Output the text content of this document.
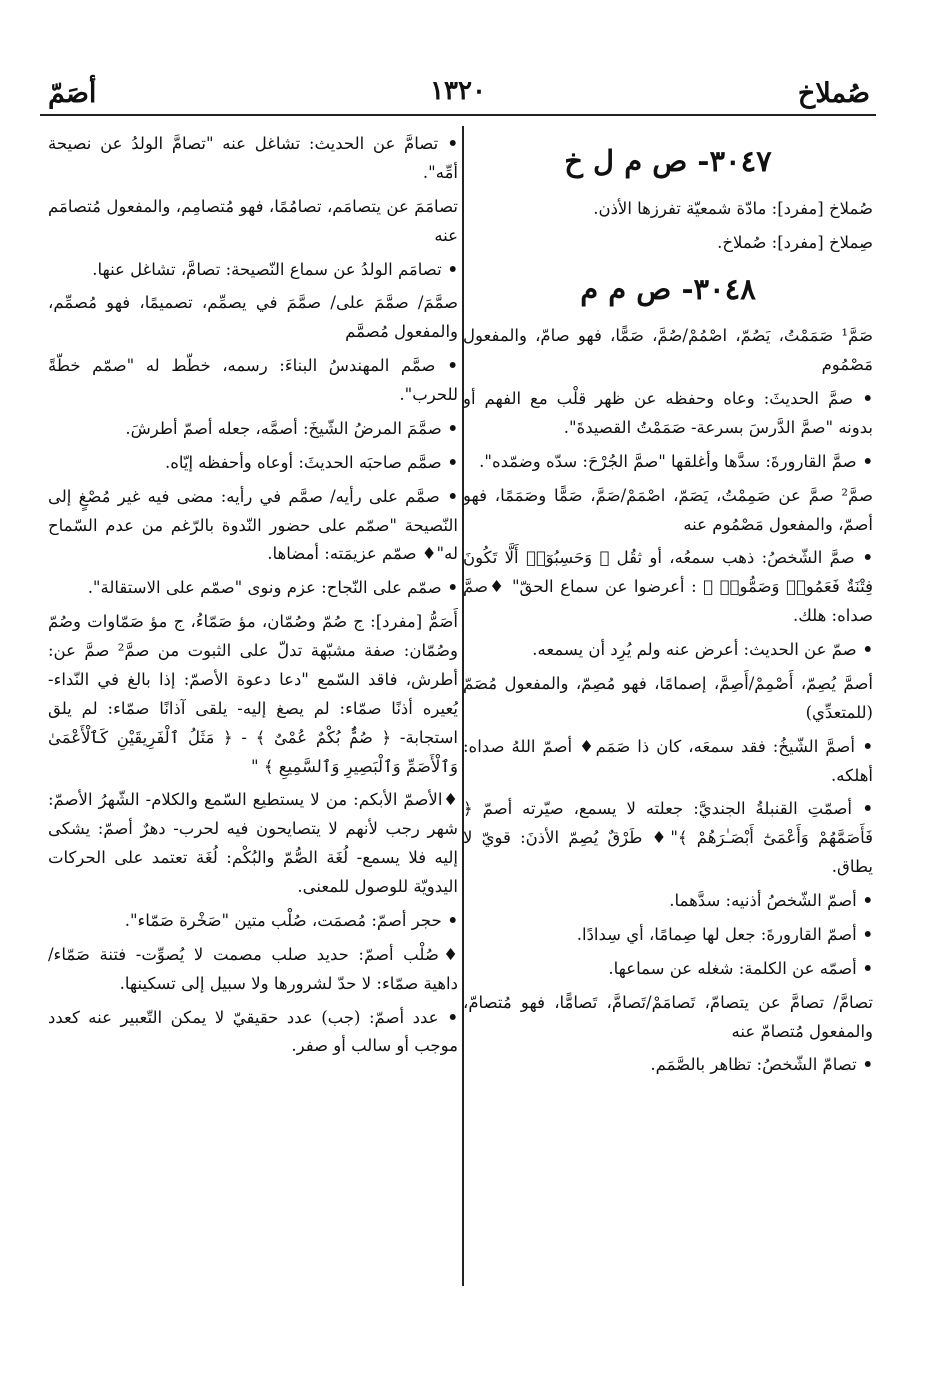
صُملاخ
١٣٢٠
أصَمّ
٣٠٤٧- ص م ل خ
صُملاخ [مفرد]: مادّة شمعيّة تفرزها الأذن.
صِملاخ [مفرد]: صُملاخ.
٣٠٤٨- ص م م
صَمَّ¹ صَمَمْتُ، يَصُمّ، اصْمُمْ/صُمَّ، صَمًّا، فهو صامّ، والمفعول مَصْمُوم
• صمَّ الحديثَ: وعاه وحفظه عن ظهر قلْب مع الفهم أو بدونه "صمَّ الدَّرسَ بسرعة- صَمَمْتُ القصيدةَ".
• صمَّ القارورةَ: سدَّها وأغلقها "صمَّ الجُرْحَ: سدّه وضمّده".
صمَّ² صمَّ عن صَمِمْتُ، يَصَمّ، اصْمَمْ/صَمَّ، صَمًّا وصَمَمًا، فهو أصمّ، والمفعول مَصْمُوم عنه
• صمَّ الشّخصُ: ذهب سمعُه، أو ثقُل ﴿ وَحَسِبُوٓا۟ أَلَّا تَكُونَ فِتْنَةٌ فَعَمُوا۟ وَصَمُّوا۟ ﴾ : أعرضوا عن سماع الحقّ" ♦صمَّ صداه: هلك.
• صمّ عن الحديث: أعرض عنه ولم يُرِد أن يسمعه.
أصمَّ يُصِمّ، أَصْمِمْ/أَصِمَّ، إصمامًا، فهو مُصِمّ، والمفعول مُصَمّ (للمتعدِّي)
• أصمَّ الشّيخُ: فقد سمعَه، كان ذا صَمَم♦ أصمّ اللهُ صداه: أهلكه.
• أصمّتِ القنبلةُ الجنديَّ: جعلته لا يسمع، صيّرته أصمّ ﴿ فَأَصَمَّهُمْ وَأَعْمَىٰٓ أَبْصَـٰرَهُمْ ﴾"♦ طَرْقٌ يُصِمّ الأذنَ: قويّ لا يطاق.
• أصمّ الشّخصُ أذنيه: سدَّهما.
• أصمّ القارورةَ: جعل لها صِمامًا، أي سِدادًا.
• أصمّه عن الكلمة: شغله عن سماعها.
تصامَّ/ تصامَّ عن يتصامّ، تَصامَمْ/تَصامَّ، تَصامًّا، فهو مُتصامّ، والمفعول مُتصامّ عنه
• تصامّ الشّخصُ: تظاهر بالصَّمَم.
• تصامَّ عن الحديث: تشاغل عنه "تصامَّ الولدُ عن نصيحة أمِّه".
تصامَمَ عن يتصامَم، تصامُمًا، فهو مُتصامِم، والمفعول مُتصامَم عنه
• تصامَم الولدُ عن سماع النّصيحة: تصامَّ، تشاغل عنها.
صمَّمَ/ صمَّمَ على/ صمَّمَ في يصمِّم، تصميمًا، فهو مُصمِّم، والمفعول مُصمَّم
• صمَّم المهندسُ البناءَ: رسمه، خطّط له "صمّم خطّةً للحرب".
• صمَّمَ المرضُ الشّيخَ: أصمَّه، جعله أصمّ أطرشَ.
• صمَّم صاحبَه الحديثَ: أوعاه وأحفظه إيّاه.
• صمَّم على رأيه/ صمَّم في رأيه: مضى فيه غير مُصْغٍ إلى النّصيحة "صمّم على حضور النّدوة بالرّغم من عدم السّماح له"♦ صمّم عزيمَته: أمضاها.
• صمّم على النّجاح: عزم ونوى "صمّم على الاستقالة".
أَصَمُّ [مفرد]: ج صُمّ وصُمّان، مؤ صَمّاءُ، ج مؤ صَمّاوات وصُمّ وصُمّان: صفة مشبّهة تدلّ على الثبوت من صمَّ² صمَّ عن: أطرش، فاقد السّمع "دعا دعوة الأصمّ: إذا بالغ في النّداء- يُعيره أذنًا صمّاء: لم يصغ إليه- يلقى آذانًا صمّاء: لم يلق استجابة- ﴿ صُمٌّۢ بُكْمٌ عُمْىٌ ﴾ - ﴿ مَثَلُ ٱلْفَرِيقَيْنِ كَٱلْأَعْمَىٰ وَٱلْأَصَمِّ وَٱلْبَصِيرِ وَٱلسَّمِيعِ ﴾ "
♦الأصمّ الأبكم: من لا يستطيع السّمع والكلام- الشّهرُ الأصمّ: شهر رجب لأنهم لا يتصايحون فيه لحرب- دهرٌ أصمّ: يشكى إليه فلا يسمع- لُغَة الصُّمّ والبُكْم: لُغَة تعتمد على الحركات اليدويّة للوصول للمعنى.
• حجر أصمّ: مُصمَت، صُلْب متين "صَخْرة صَمّاء".
♦صُلْب أصمّ: حديد صلب مصمت لا يُصوِّت- فتنة صَمّاء/ داهية صمّاء: لا حدّ لشرورها ولا سبيل إلى تسكينها.
• عدد أصمّ: (جب) عدد حقيقيّ لا يمكن التّعبير عنه كعدد موجب أو سالب أو صفر.
